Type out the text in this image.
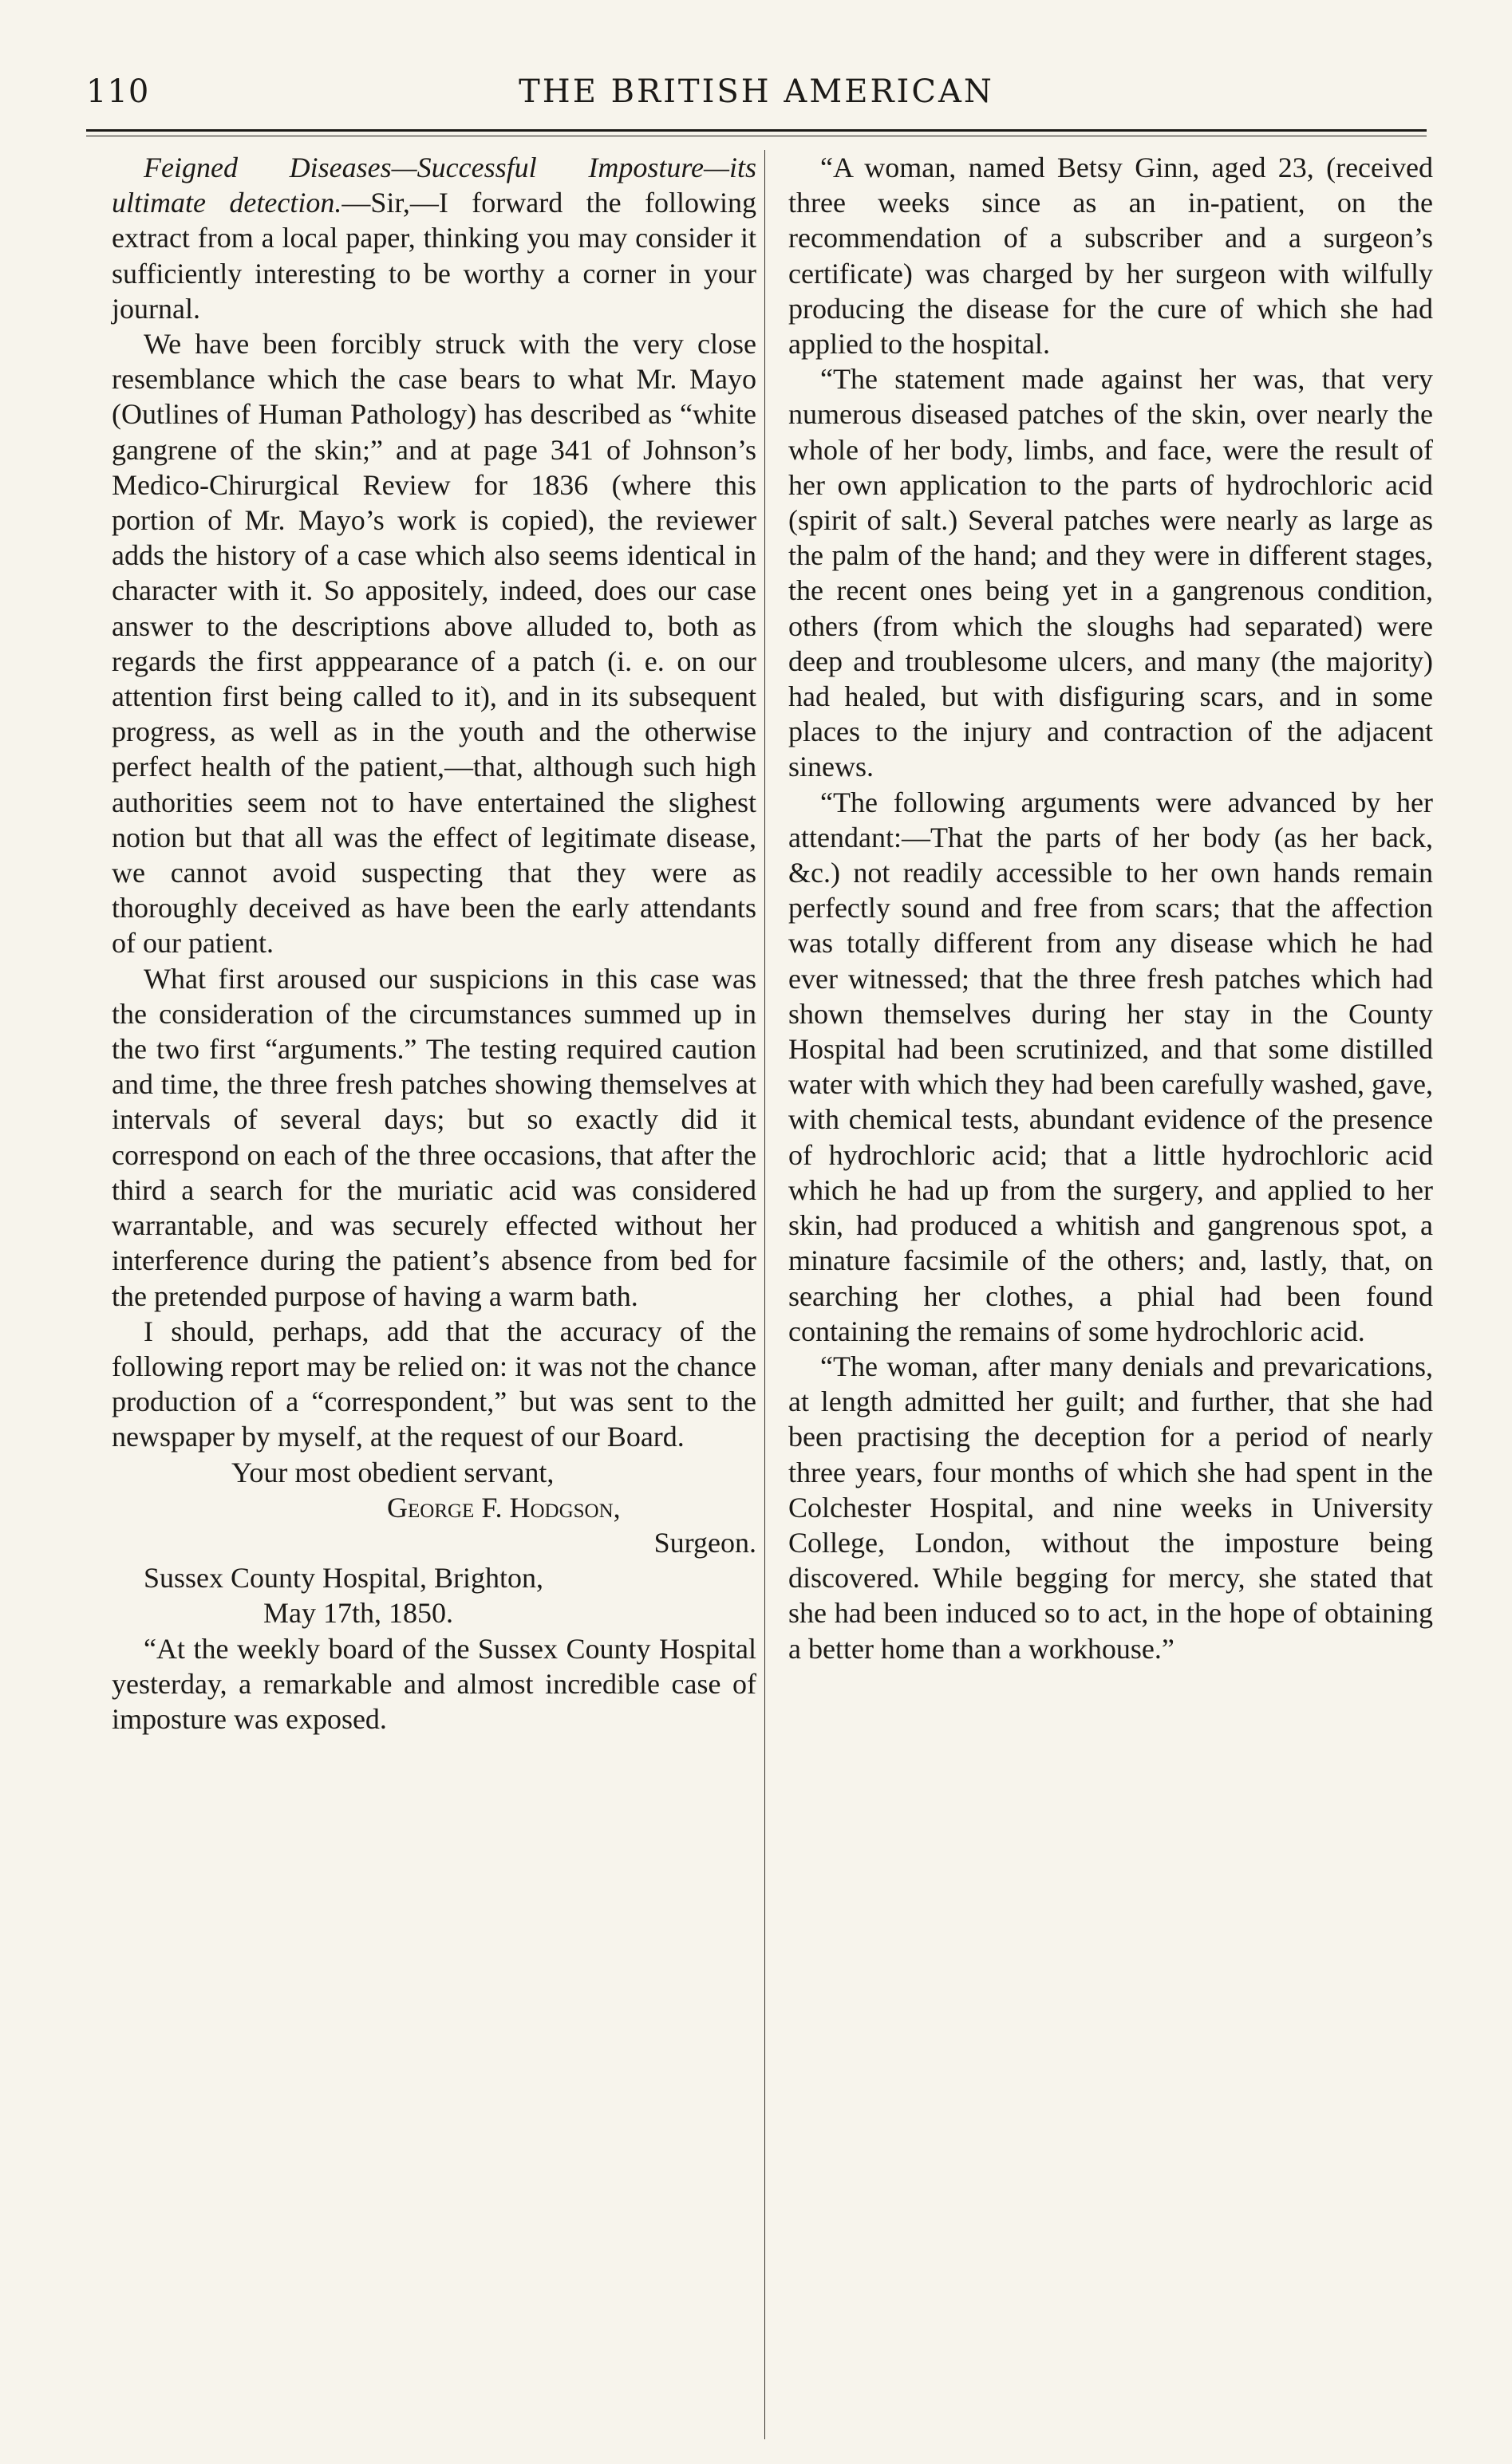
110	THE BRITISH AMERICAN

Feigned Diseases—Successful Imposture—its ultimate detection.—Sir,—I forward the following extract from a local paper, thinking you may consider it sufficiently interesting to be worthy a corner in your journal.

We have been forcibly struck with the very close resemblance which the case bears to what Mr. Mayo (Outlines of Human Pathology) has described as “white gangrene of the skin;” and at page 341 of Johnson’s Medico-Chirurgical Review for 1836 (where this portion of Mr. Mayo’s work is copied), the reviewer adds the history of a case which also seems identical in character with it. So appositely, indeed, does our case answer to the descriptions above alluded to, both as regards the first apppearance of a patch (i. e. on our attention first being called to it), and in its subsequent progress, as well as in the youth and the otherwise perfect health of the patient,—that, although such high authorities seem not to have entertained the slighest notion but that all was the effect of legitimate disease, we cannot avoid suspecting that they were as thoroughly deceived as have been the early attendants of our patient.

What first aroused our suspicions in this case was the consideration of the circumstances summed up in the two first “arguments.” The testing required caution and time, the three fresh patches showing themselves at intervals of several days; but so exactly did it correspond on each of the three occasions, that after the third a search for the muriatic acid was considered warrantable, and was securely effected without her interference during the patient’s absence from bed for the pretended purpose of having a warm bath.

I should, perhaps, add that the accuracy of the following report may be relied on: it was not the chance production of a “correspondent,” but was sent to the newspaper by myself, at the request of our Board.

Your most obedient servant,

George F. Hodgson,

Surgeon.

Sussex County Hospital, Brighton,

May 17th, 1850.

“At the weekly board of the Sussex County Hospital yesterday, a remarkable and almost incredible case of imposture was exposed.

“A woman, named Betsy Ginn, aged 23, (received three weeks since as an in-patient, on the recommendation of a subscriber and a surgeon’s certificate) was charged by her surgeon with wilfully producing the disease for the cure of which she had applied to the hospital.

“The statement made against her was, that very numerous diseased patches of the skin, over nearly the whole of her body, limbs, and face, were the result of her own application to the parts of hydrochloric acid (spirit of salt.) Several patches were nearly as large as the palm of the hand; and they were in different stages, the recent ones being yet in a gangrenous condition, others (from which the sloughs had separated) were deep and troublesome ulcers, and many (the majority) had healed, but with disfiguring scars, and in some places to the injury and contraction of the adjacent sinews.

“The following arguments were advanced by her attendant:—That the parts of her body (as her back, &c.) not readily accessible to her own hands remain perfectly sound and free from scars; that the affection was totally different from any disease which he had ever witnessed; that the three fresh patches which had shown themselves during her stay in the County Hospital had been scrutinized, and that some distilled water with which they had been carefully washed, gave, with chemical tests, abundant evidence of the presence of hydrochloric acid; that a little hydrochloric acid which he had up from the surgery, and applied to her skin, had produced a whitish and gangrenous spot, a minature facsimile of the others; and, lastly, that, on searching her clothes, a phial had been found containing the remains of some hydrochloric acid.

“The woman, after many denials and prevarications, at length admitted her guilt; and further, that she had been practising the deception for a period of nearly three years, four months of which she had spent in the Colchester Hospital, and nine weeks in University College, London, without the imposture being discovered. While begging for mercy, she stated that she had been induced so to act, in the hope of obtaining a better home than a workhouse.”
